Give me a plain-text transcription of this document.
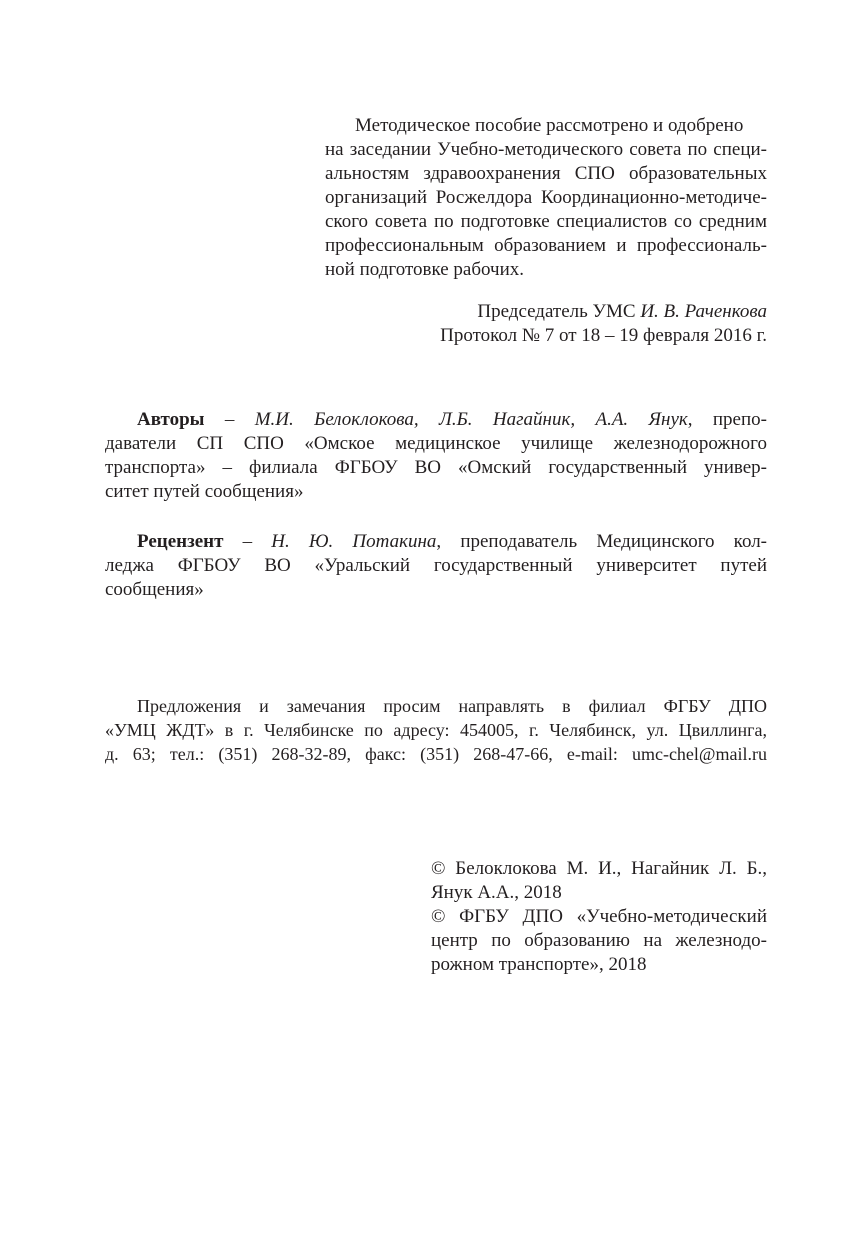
Методическое пособие рассмотрено и одобрено
на заседании Учебно-методического совета по специ-
альностям здравоохранения СПО образовательных
организаций Росжелдора Координационно-методиче-
ского совета по подготовке специалистов со средним
профессиональным образованием и профессиональ-
ной подготовке рабочих.
Председатель УМС И. В. Раченкова
Протокол № 7 от 18 – 19 февраля 2016 г.
Авторы – М.И. Белоклокова, Л.Б. Нагайник, А.А. Янук, препо-
даватели СП СПО «Омское медицинское училище железнодорожного
транспорта» – филиала ФГБОУ ВО «Омский государственный универ-
ситет путей сообщения»
Рецензент – Н. Ю. Потакина, преподаватель Медицинского кол-
леджа ФГБОУ ВО «Уральский государственный университет путей
сообщения»
Предложения и замечания просим направлять в филиал ФГБУ ДПО
«УМЦ ЖДТ» в г. Челябинске по адресу: 454005, г. Челябинск, ул. Цвиллинга,
д. 63; тел.: (351) 268-32-89, факс: (351) 268-47-66, e-mail: umc-chel@mail.ru
© Белоклокова М. И., Нагайник Л. Б.,
Янук А.А., 2018
© ФГБУ ДПО «Учебно-методический
центр по образованию на железнодо-
рожном транспорте», 2018
